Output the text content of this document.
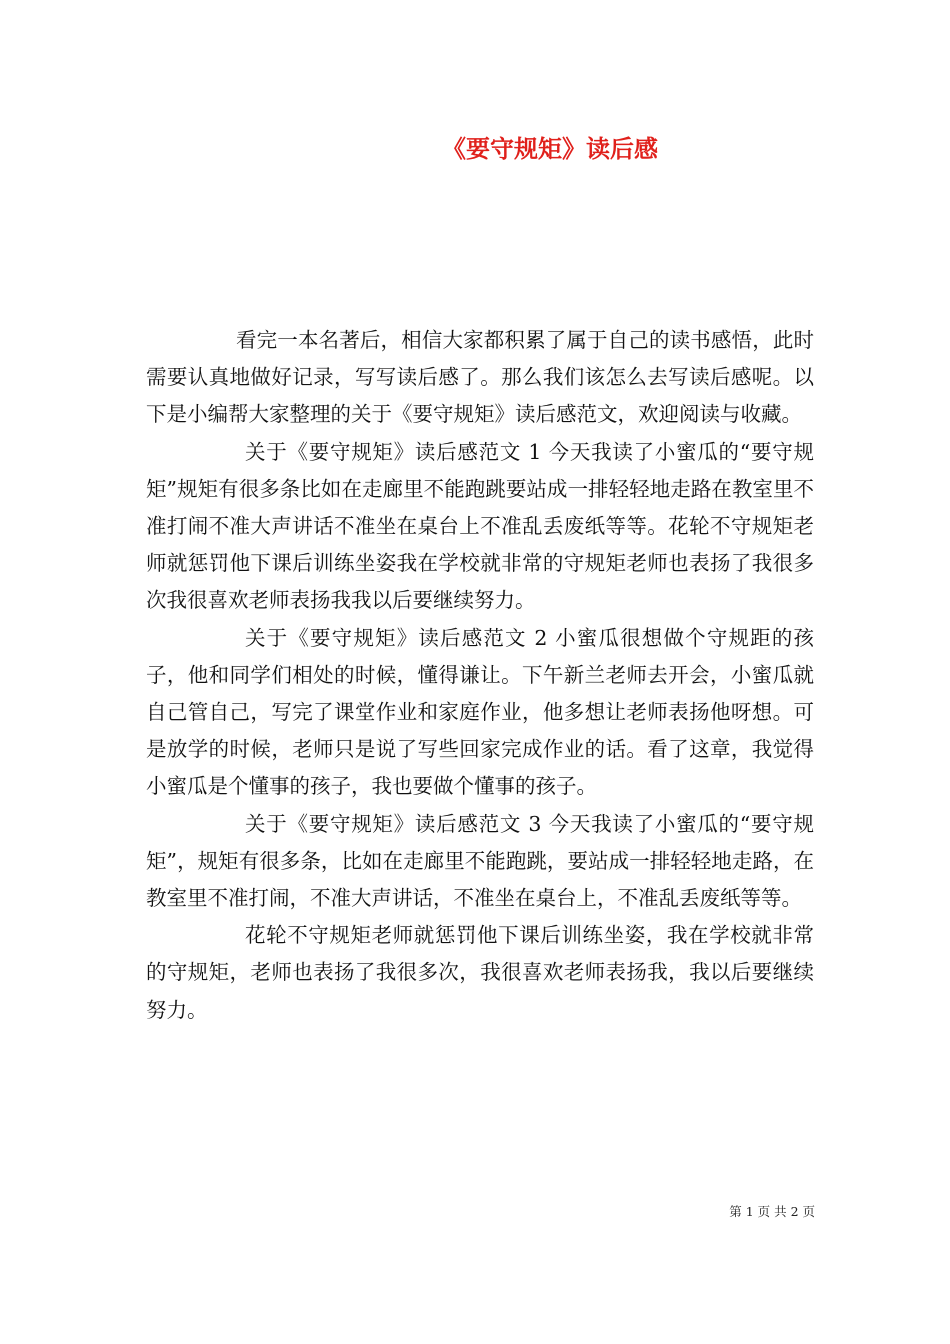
《要守规矩》读后感

看完一本名著后，相信大家都积累了属于自己的读书感悟，此时需要认真地做好记录，写写读后感了。那么我们该怎么去写读后感呢。以下是小编帮大家整理的关于《要守规矩》读后感范文，欢迎阅读与收藏。

关于《要守规矩》读后感范文 1 今天我读了小蜜瓜的“要守规矩”规矩有很多条比如在走廊里不能跑跳要站成一排轻轻地走路在教室里不准打闹不准大声讲话不准坐在桌台上不准乱丢废纸等等。花轮不守规矩老师就惩罚他下课后训练坐姿我在学校就非常的守规矩老师也表扬了我很多次我很喜欢老师表扬我我以后要继续努力。

关于《要守规矩》读后感范文 2 小蜜瓜很想做个守规距的孩子，他和同学们相处的时候，懂得谦让。下午新兰老师去开会，小蜜瓜就自己管自己，写完了课堂作业和家庭作业，他多想让老师表扬他呀想。可是放学的时候，老师只是说了写些回家完成作业的话。看了这章，我觉得小蜜瓜是个懂事的孩子，我也要做个懂事的孩子。

关于《要守规矩》读后感范文 3 今天我读了小蜜瓜的“要守规矩”，规矩有很多条，比如在走廊里不能跑跳，要站成一排轻轻地走路，在教室里不准打闹，不准大声讲话，不准坐在桌台上，不准乱丢废纸等等。

花轮不守规矩老师就惩罚他下课后训练坐姿，我在学校就非常的守规矩，老师也表扬了我很多次，我很喜欢老师表扬我，我以后要继续努力。

第 1 页 共 2 页
